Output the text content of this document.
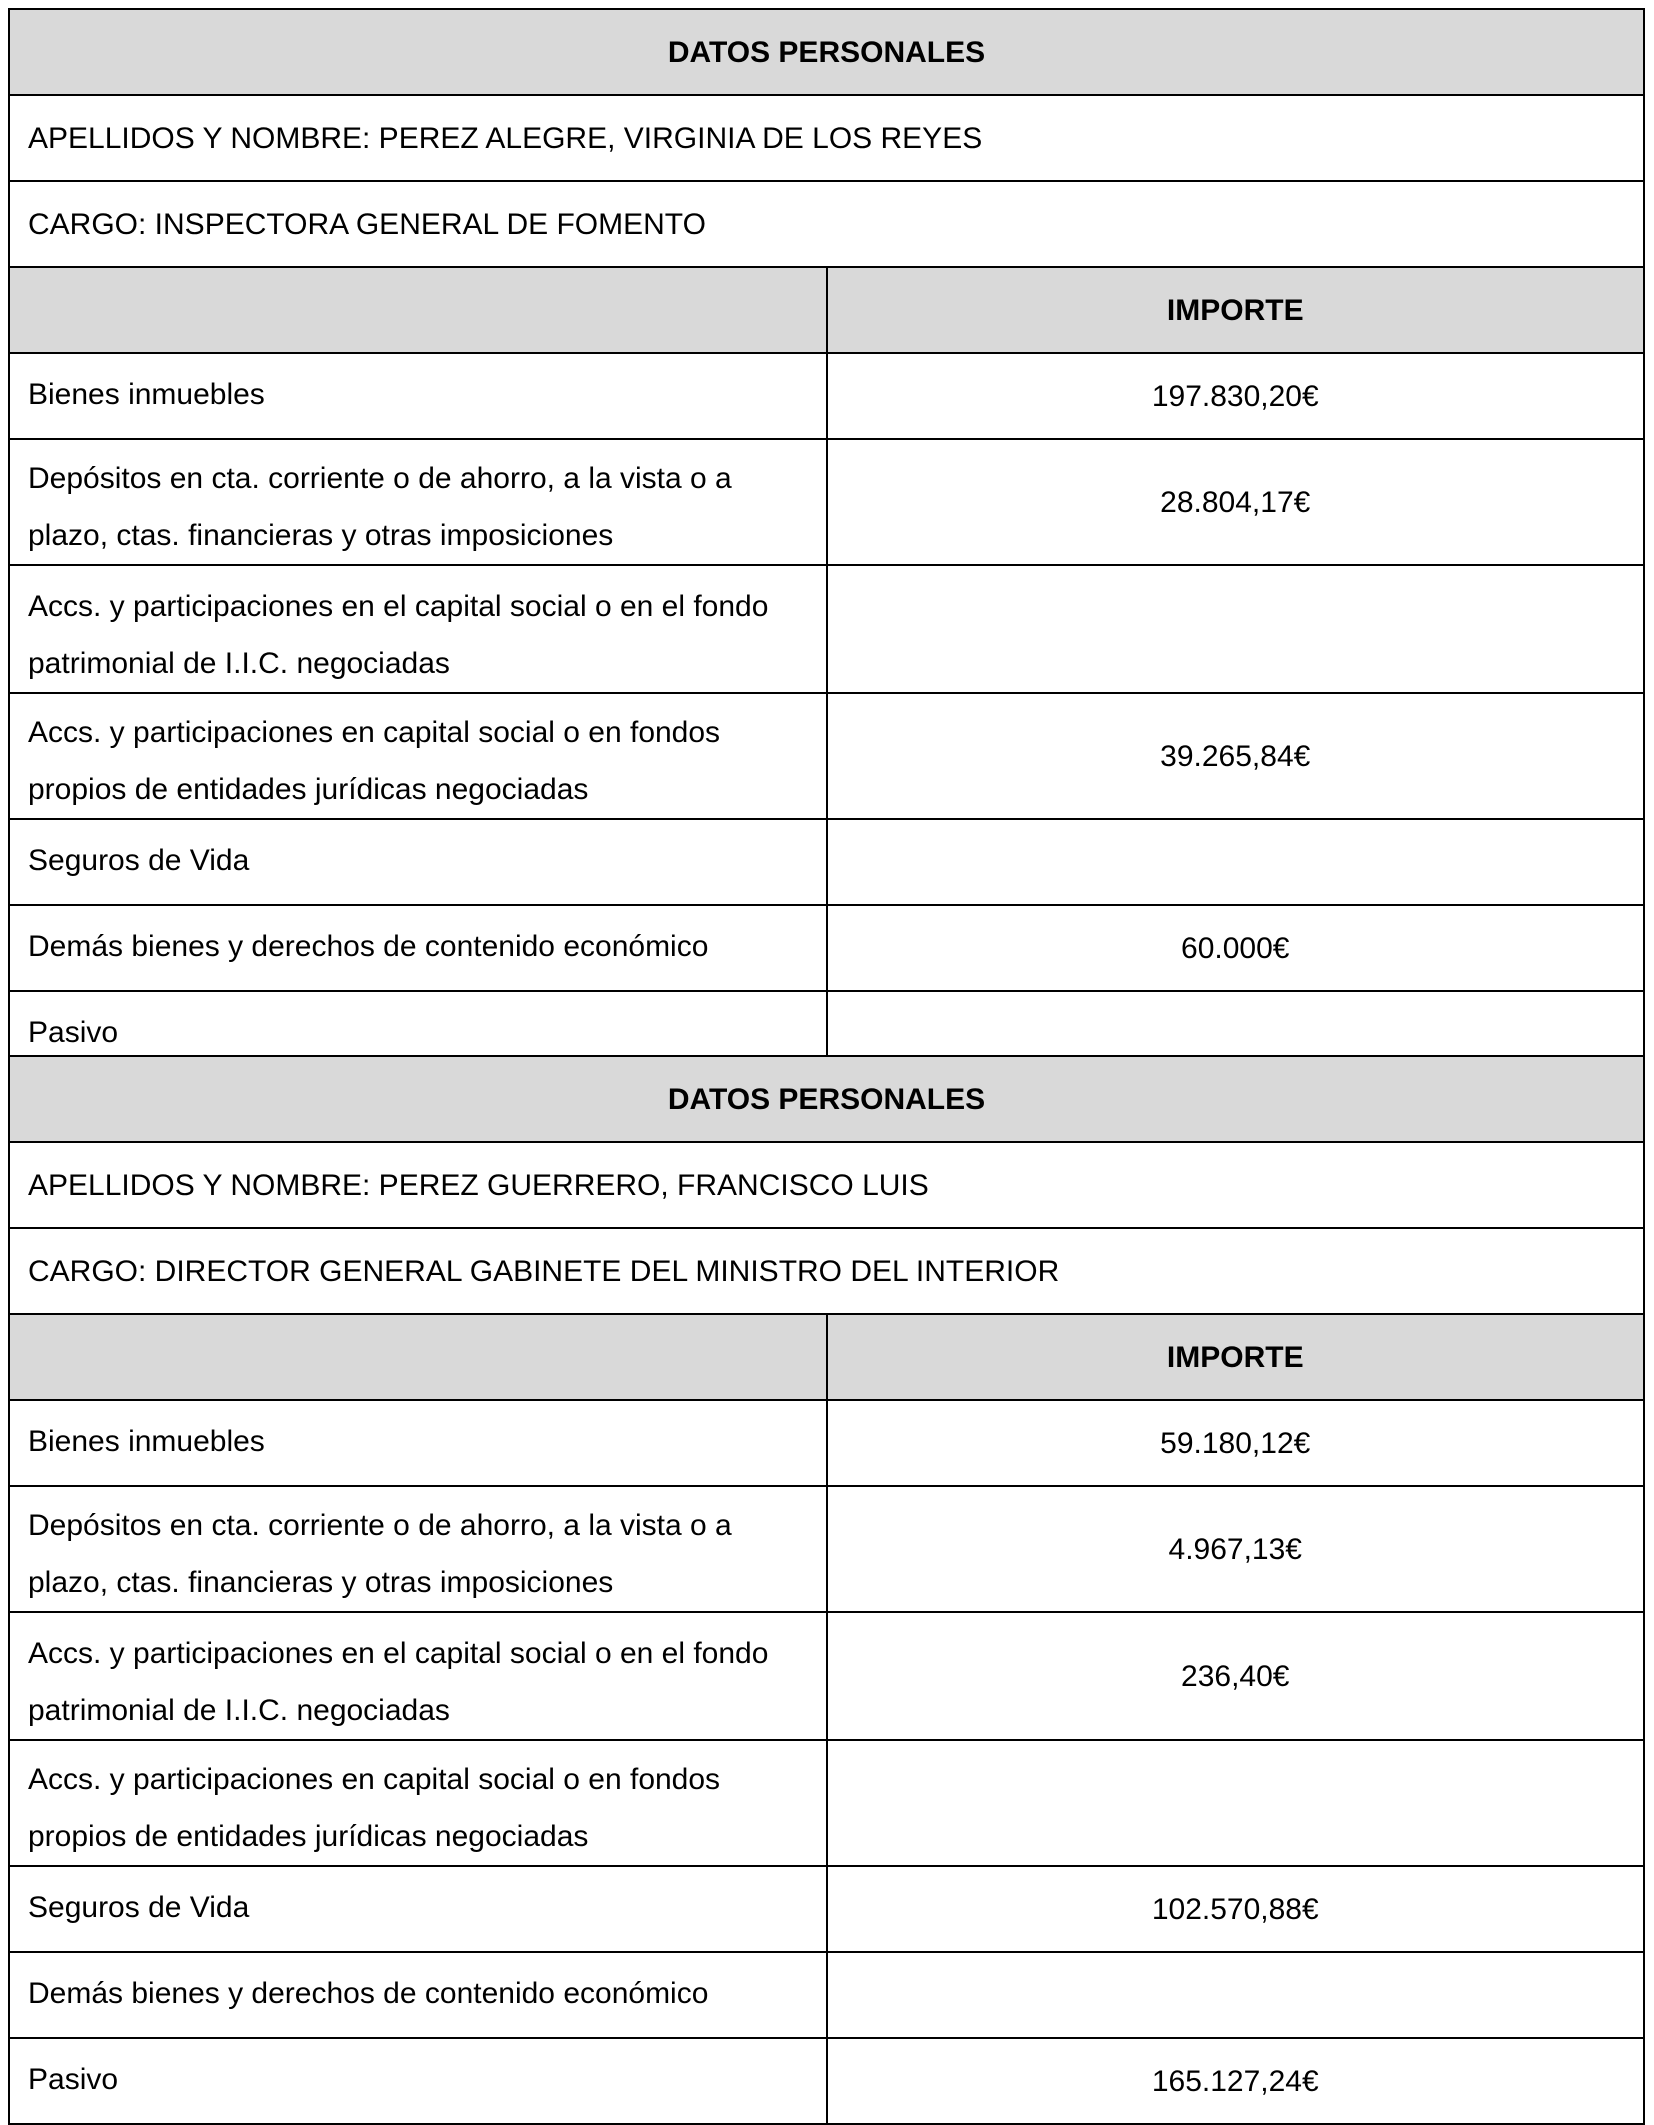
DATOS PERSONALES	
APELLIDOS Y NOMBRE: PEREZ ALEGRE, VIRGINIA DE LOS REYES	
CARGO: INSPECTORA GENERAL DE FOMENTO	
	IMPORTE
Bienes inmuebles	197.830,20€
Depósitos en cta. corriente o de ahorro, a la vista o a plazo, ctas. financieras y otras imposiciones	28.804,17€
Accs. y participaciones en el capital social o en el fondo patrimonial de I.I.C. negociadas	
Accs. y participaciones en capital social o en fondos propios de entidades jurídicas negociadas	39.265,84€
Seguros de Vida	
Demás bienes y derechos de contenido económico	60.000€
Pasivo	
DATOS PERSONALES	
APELLIDOS Y NOMBRE: PEREZ GUERRERO, FRANCISCO LUIS	
CARGO: DIRECTOR GENERAL GABINETE DEL MINISTRO DEL INTERIOR	
	IMPORTE
Bienes inmuebles	59.180,12€
Depósitos en cta. corriente o de ahorro, a la vista o a plazo, ctas. financieras y otras imposiciones	4.967,13€
Accs. y participaciones en el capital social o en el fondo patrimonial de I.I.C. negociadas	236,40€
Accs. y participaciones en capital social o en fondos propios de entidades jurídicas negociadas	
Seguros de Vida	102.570,88€
Demás bienes y derechos de contenido económico	
Pasivo	165.127,24€
